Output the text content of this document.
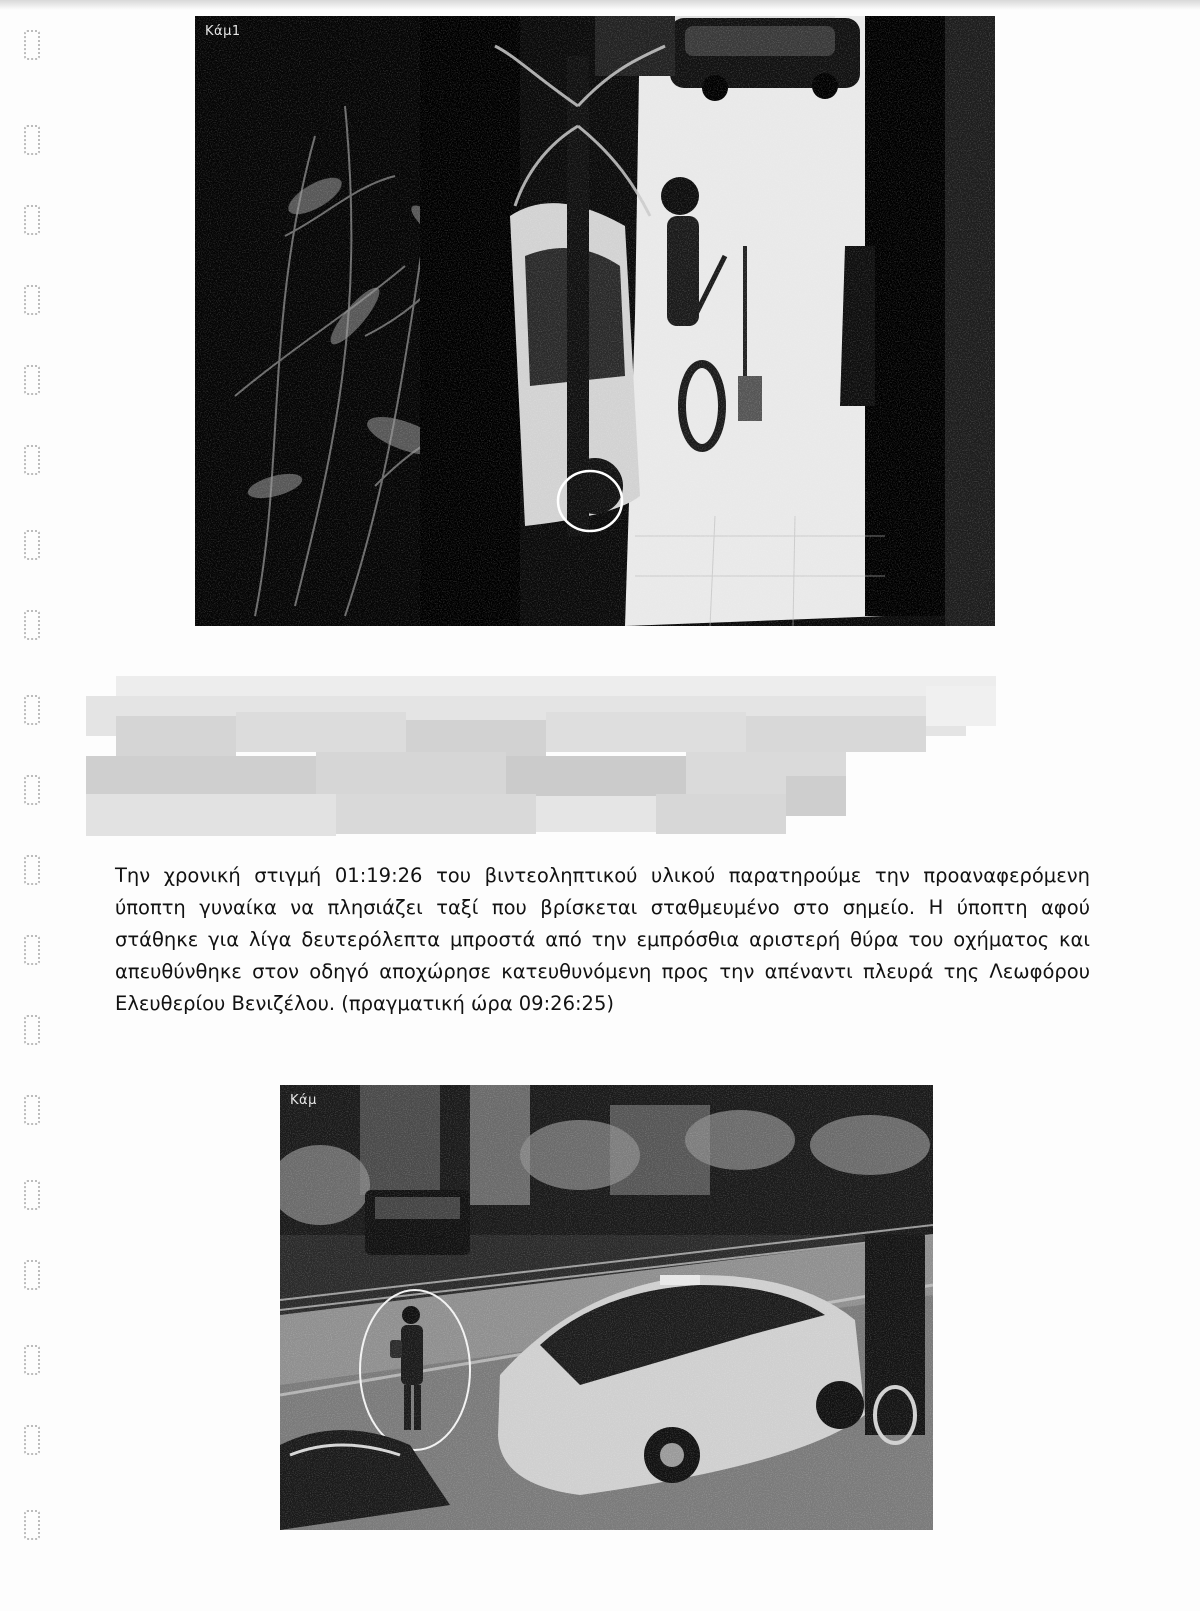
Κάμ1

Την χρονική στιγμή 01:19:26 του βιντεοληπτικού υλικού παρατηρούμε την προαναφερόμενη ύποπτη γυναίκα να πλησιάζει ταξί που βρίσκεται σταθμευμένο στο σημείο. Η ύποπτη αφού στάθηκε για λίγα δευτερόλεπτα μπροστά από την εμπρόσθια αριστερή θύρα του οχήματος και απευθύνθηκε στον οδηγό αποχώρησε κατευθυνόμενη προς την απέναντι πλευρά της Λεωφόρου Ελευθερίου Βενιζέλου. (πραγματική ώρα 09:26:25)

Κάμ
